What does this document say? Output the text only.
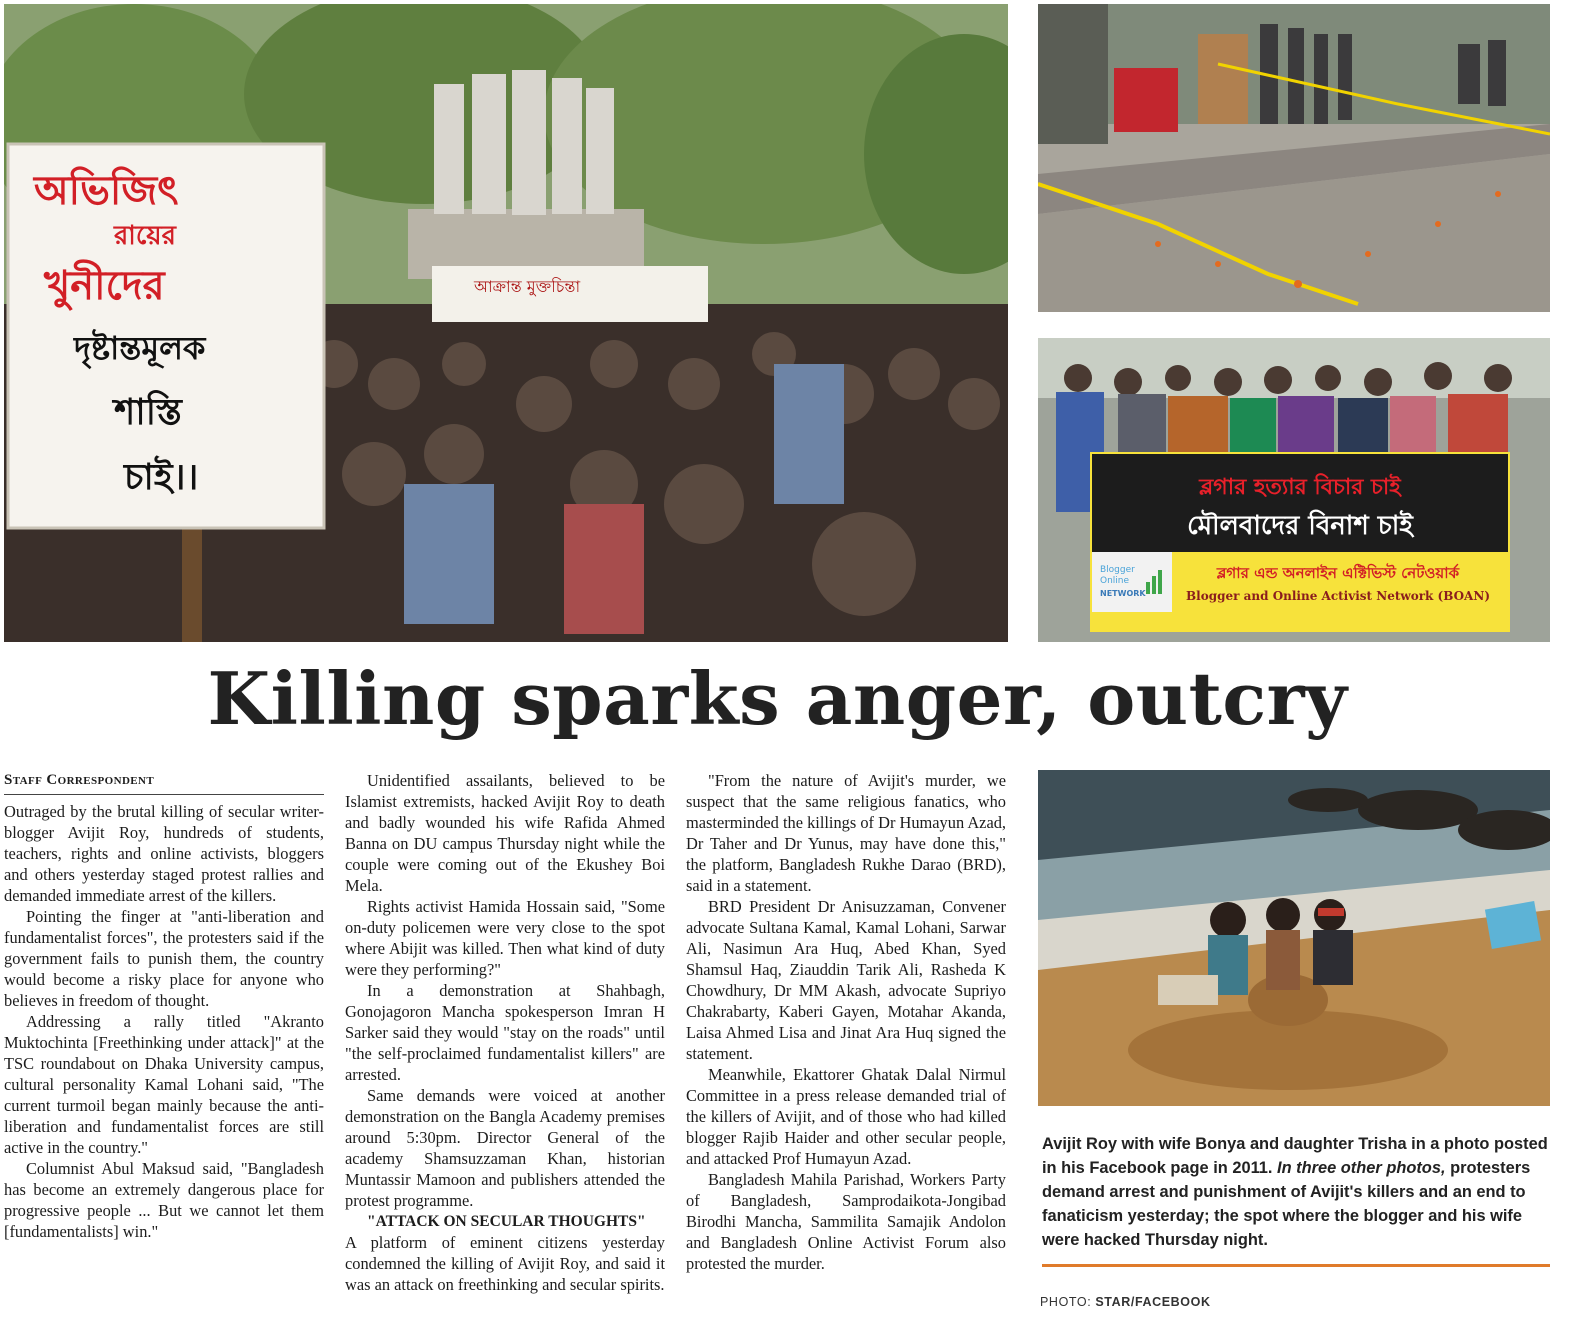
আক্রান্ত মুক্তচিন্তা
অভিজিৎ
রায়ের
খুনীদের
দৃষ্টান্তমূলক
শাস্তি
চাই।।	ব্লগার হত্যার বিচার চাই
মৌলবাদের বিনাশ চাই
Blogger
Online
NETWORK
ব্লগার এন্ড অনলাইন এক্টিভিস্ট নেটওয়ার্ক
Blogger and Online Activist Network (BOAN)
Killing sparks anger, outcry
Staff Correspondent

Outraged by the brutal killing of secular writer-blogger Avijit Roy, hundreds of students, teachers, rights and online activists, bloggers and others yesterday staged protest rallies and demanded immediate arrest of the killers.

Pointing the finger at "anti-liberation and fundamentalist forces", the protesters said if the government fails to punish them, the country would become a risky place for anyone who believes in freedom of thought.

Addressing a rally titled "Akranto Muktochinta [Freethinking under attack]" at the TSC roundabout on Dhaka University campus, cultural personality Kamal Lohani said, "The current turmoil began mainly because the anti-liberation and fundamentalist forces are still active in the country."

Columnist Abul Maksud said, "Bangladesh has become an extremely dangerous place for progressive people ... But we cannot let them [fundamentalists] win."

Unidentified assailants, believed to be Islamist extremists, hacked Avijit Roy to death and badly wounded his wife Rafida Ahmed Banna on DU campus Thursday night while the couple were coming out of the Ekushey Boi Mela.

Rights activist Hamida Hossain said, "Some on-duty policemen were very close to the spot where Abijit was killed. Then what kind of duty were they performing?"

In a demonstration at Shahbagh, Gonojagoron Mancha spokesperson Imran H Sarker said they would "stay on the roads" until "the self-proclaimed fundamentalist killers" are arrested.

Same demands were voiced at another demonstration on the Bangla Academy premises around 5:30pm. Director General of the academy Shamsuzzaman Khan, historian Muntassir Mamoon and publishers attended the protest programme.

"ATTACK ON SECULAR THOUGHTS"

A platform of eminent citizens yesterday condemned the killing of Avijit Roy, and said it was an attack on freethinking and secular spirits.

"From the nature of Avijit's murder, we suspect that the same religious fanatics, who masterminded the killings of Dr Humayun Azad, Dr Taher and Dr Yunus, may have done this," the platform, Bangladesh Rukhe Darao (BRD), said in a statement.

BRD President Dr Anisuzzaman, Convener advocate Sultana Kamal, Kamal Lohani, Sarwar Ali, Nasimun Ara Huq, Abed Khan, Syed Shamsul Haq, Ziauddin Tarik Ali, Rasheda K Chowdhury, Dr MM Akash, advocate Supriyo Chakrabarty, Kaberi Gayen, Motahar Akanda, Laisa Ahmed Lisa and Jinat Ara Huq signed the statement.

Meanwhile, Ekattorer Ghatak Dalal Nirmul Committee in a press release demanded trial of the killers of Avijit, and of those who had killed blogger Rajib Haider and other secular people, and attacked Prof Humayun Azad.

Bangladesh Mahila Parishad, Workers Party of Bangladesh, Samprodaikota-Jongibad Birodhi Mancha, Sammilita Samajik Andolon and Bangladesh Online Activist Forum also protested the murder.

Avijit Roy with wife Bonya and daughter Trisha in a photo posted in his Facebook page in 2011. In three other photos, protesters demand arrest and punishment of Avijit's killers and an end to fanaticism yesterday; the spot where the blogger and his wife were hacked Thursday night.
PHOTO: STAR/FACEBOOK
